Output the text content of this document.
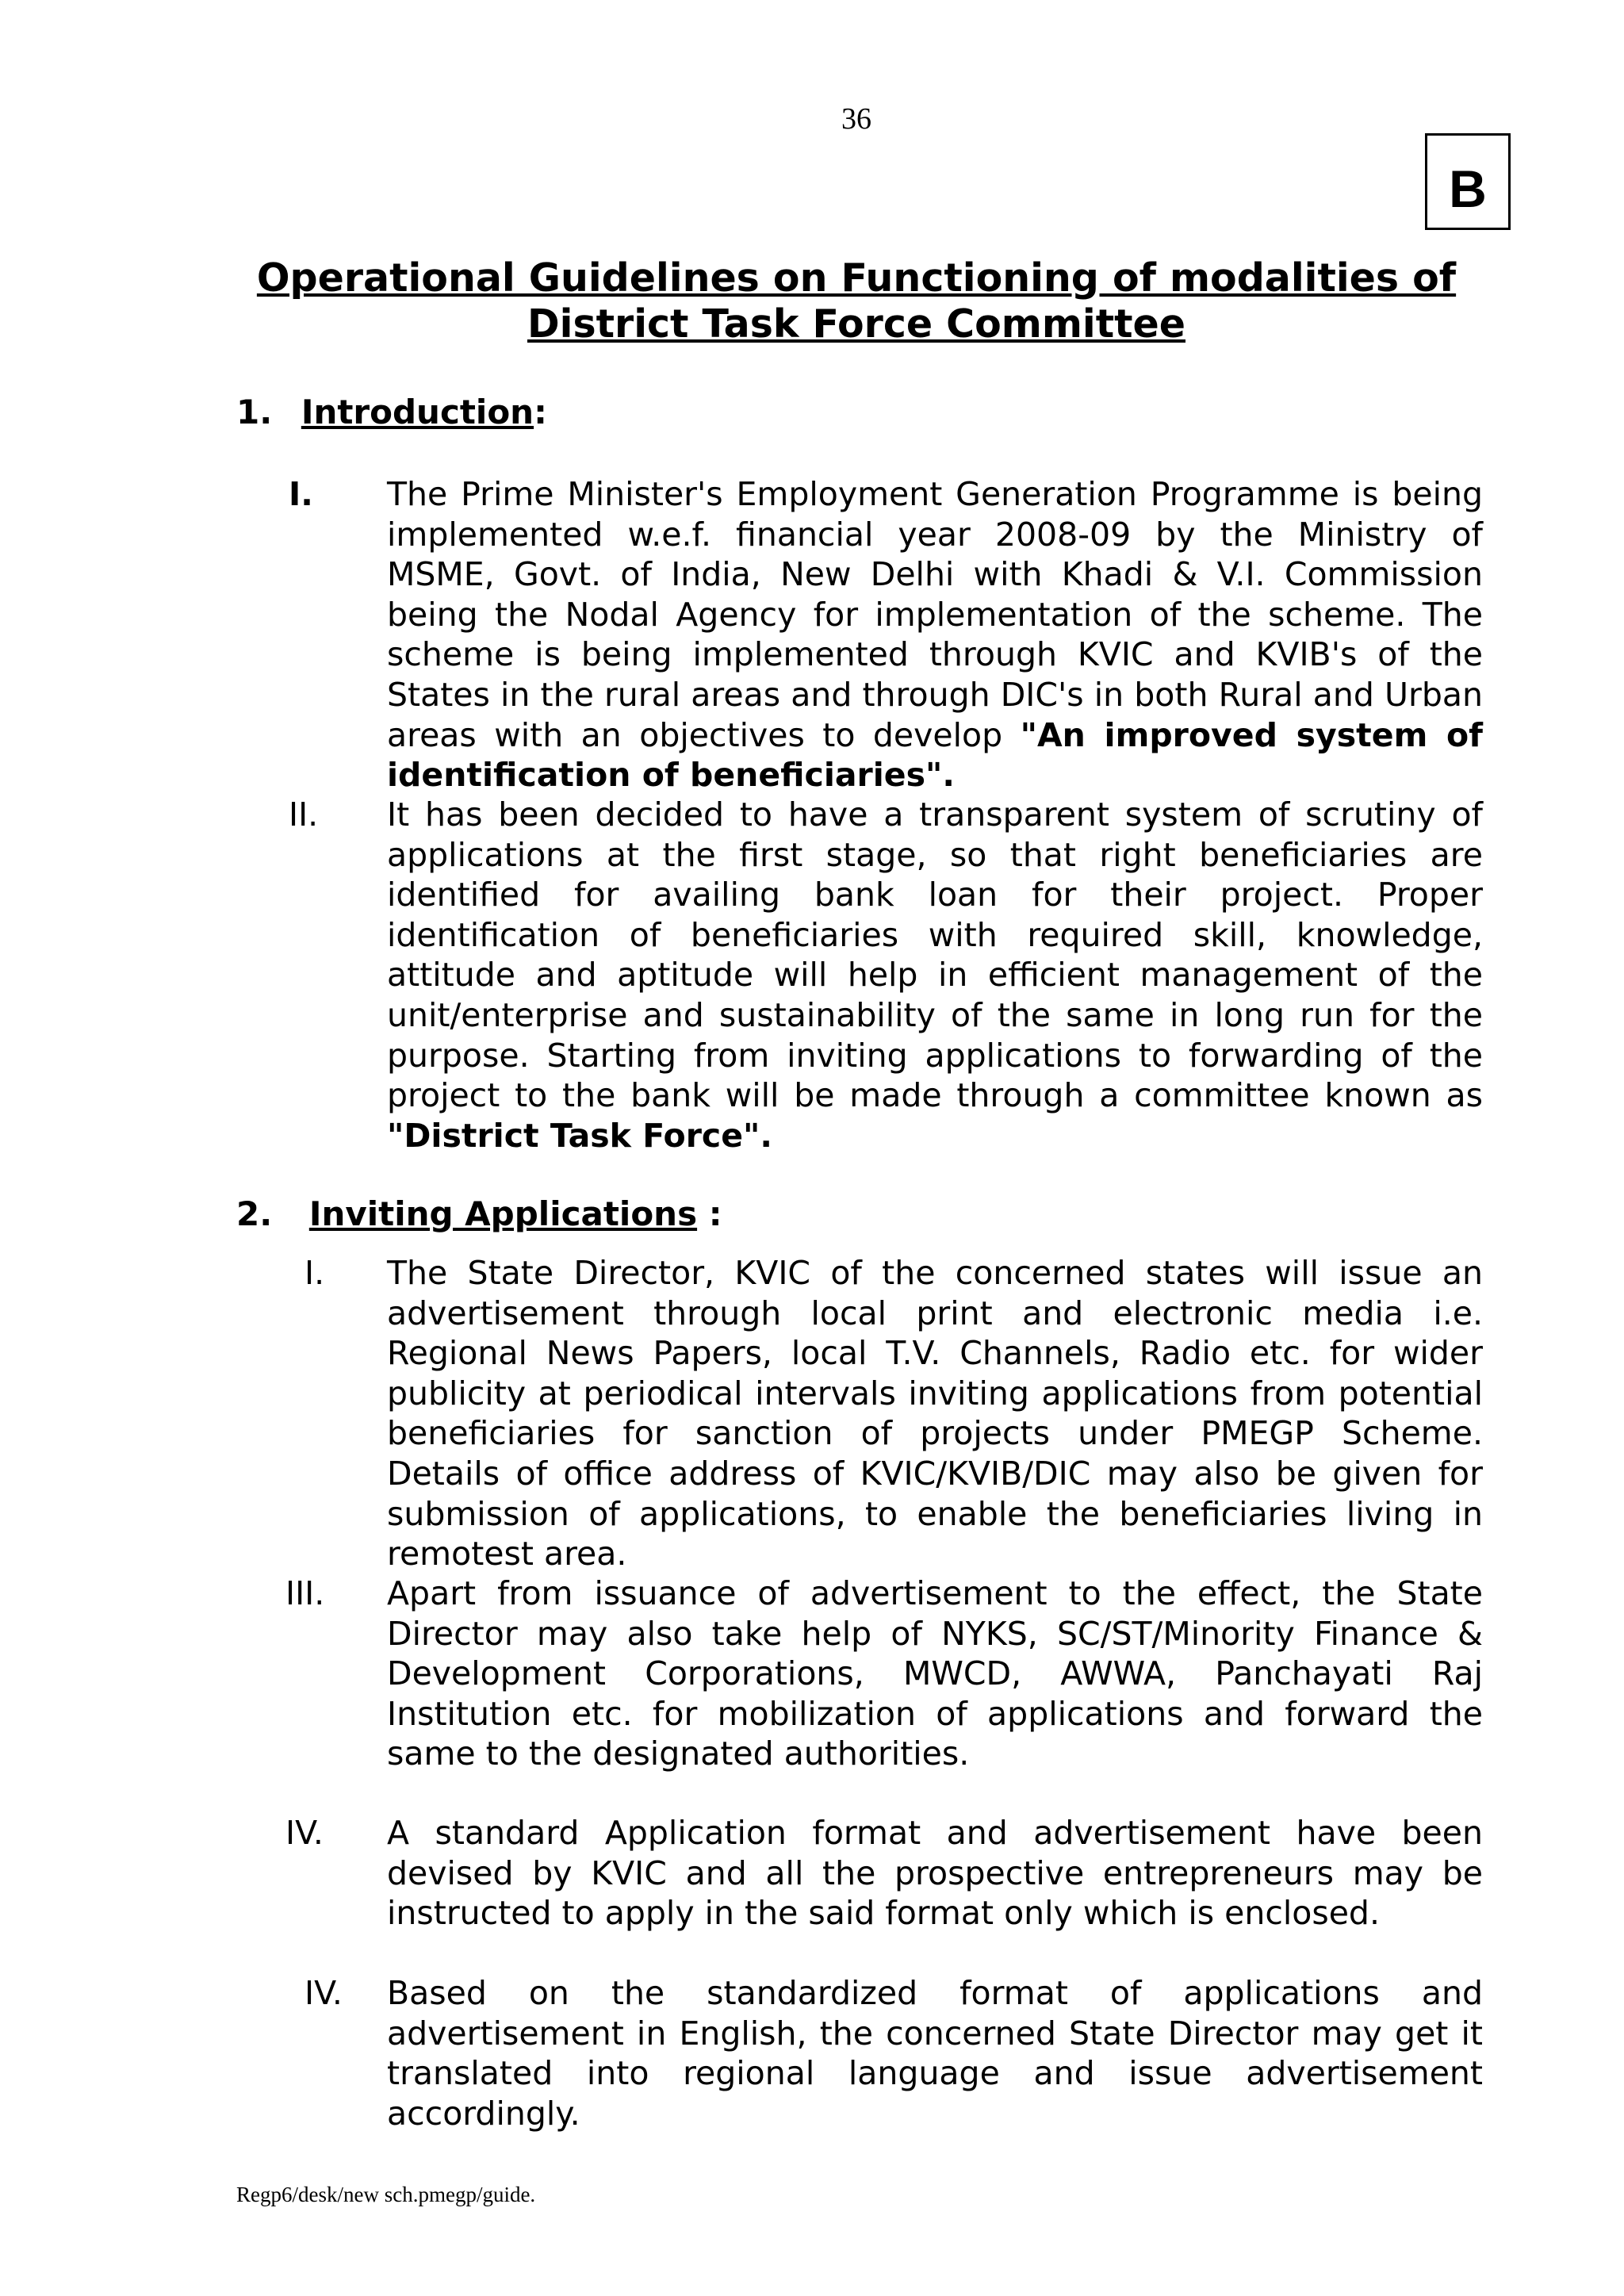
36
B
Operational Guidelines on Functioning of modalities of
District Task Force Committee
1. Introduction:
I. The Prime Minister's Employment Generation Programme is being implemented w.e.f. financial year 2008-09 by the Ministry of MSME, Govt. of India, New Delhi with Khadi & V.I. Commission being the Nodal Agency for implementation of the scheme. The scheme is being implemented through KVIC and KVIB's of the States in the rural areas and through DIC's in both Rural and Urban areas with an objectives to develop "An improved system of identification of beneficiaries".
II. It has been decided to have a transparent system of scrutiny of applications at the first stage, so that right beneficiaries are identified for availing bank loan for their project. Proper identification of beneficiaries with required skill, knowledge, attitude and aptitude will help in efficient management of the unit/enterprise and sustainability of the same in long run for the purpose. Starting from inviting applications to forwarding of the project to the bank will be made through a committee known as "District Task Force".
2. Inviting Applications :
I. The State Director, KVIC of the concerned states will issue an advertisement through local print and electronic media i.e. Regional News Papers, local T.V. Channels, Radio etc. for wider publicity at periodical intervals inviting applications from potential beneficiaries for sanction of projects under PMEGP Scheme. Details of office address of KVIC/KVIB/DIC may also be given for submission of applications, to enable the beneficiaries living in remotest area.
III. Apart from issuance of advertisement to the effect, the State Director may also take help of NYKS, SC/ST/Minority Finance & Development Corporations, MWCD, AWWA, Panchayati Raj Institution etc. for mobilization of applications and forward the same to the designated authorities.
IV. A standard Application format and advertisement have been devised by KVIC and all the prospective entrepreneurs may be instructed to apply in the said format only which is enclosed.
IV. Based on the standardized format of applications and advertisement in English, the concerned State Director may get it translated into regional language and issue advertisement accordingly.
Regp6/desk/new sch.pmegp/guide.
